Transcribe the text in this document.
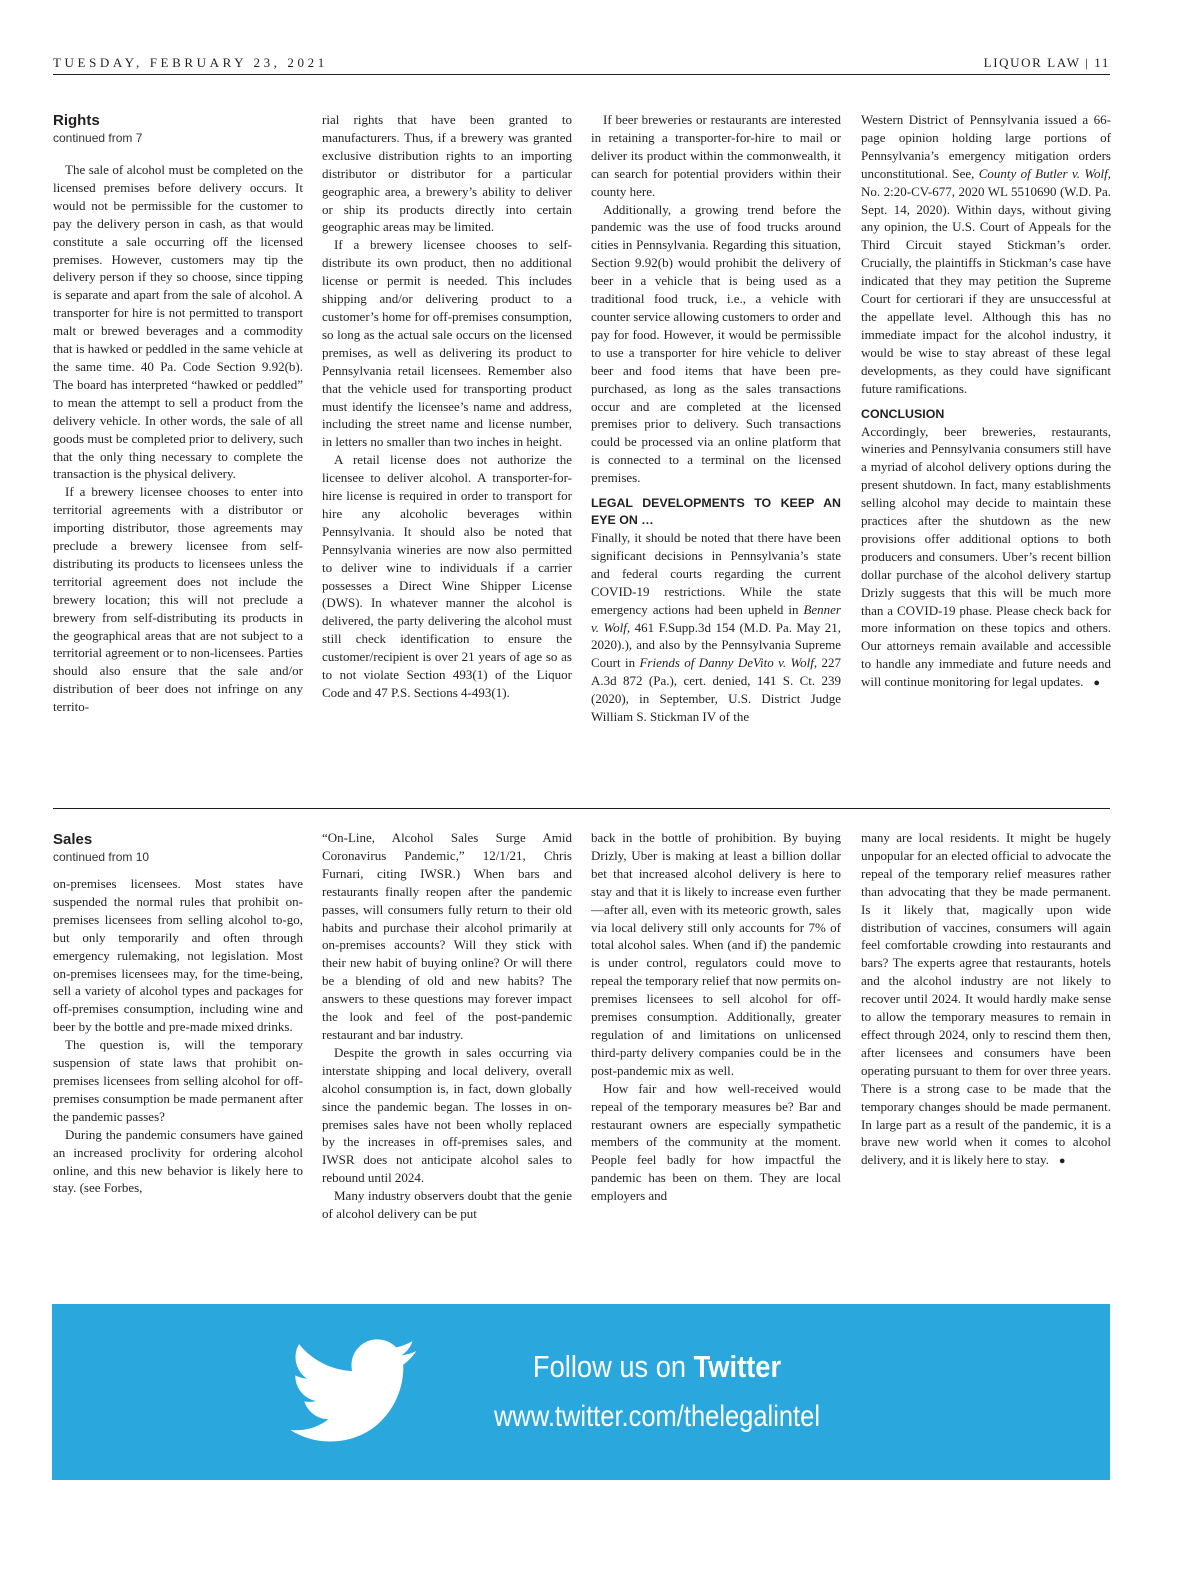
TUESDAY, FEBRUARY 23, 2021	LIQUOR LAW | 11
Rights
continued from 7

The sale of alcohol must be completed on the licensed premises before delivery occurs. It would not be permissible for the customer to pay the delivery person in cash, as that would constitute a sale occurring off the licensed premises. However, customers may tip the delivery person if they so choose, since tipping is separate and apart from the sale of alcohol. A transporter for hire is not permitted to transport malt or brewed beverages and a commodity that is hawked or peddled in the same vehicle at the same time. 40 Pa. Code Section 9.92(b). The board has interpreted “hawked or peddled” to mean the attempt to sell a product from the delivery vehicle. In other words, the sale of all goods must be completed prior to delivery, such that the only thing necessary to complete the transaction is the physical delivery.

If a brewery licensee chooses to enter into territorial agreements with a distributor or importing distributor, those agreements may preclude a brewery licensee from self-distributing its products to licensees unless the territorial agreement does not include the brewery location; this will not preclude a brewery from self-distributing its products in the geographical areas that are not subject to a territorial agreement or to non-licensees. Parties should also ensure that the sale and/or distribution of beer does not infringe on any territo-

rial rights that have been granted to manufacturers. Thus, if a brewery was granted exclusive distribution rights to an importing distributor or distributor for a particular geographic area, a brewery’s ability to deliver or ship its products directly into certain geographic areas may be limited.

If a brewery licensee chooses to self-distribute its own product, then no additional license or permit is needed. This includes shipping and/or delivering product to a customer’s home for off-premises consumption, so long as the actual sale occurs on the licensed premises, as well as delivering its product to Pennsylvania retail licensees. Remember also that the vehicle used for transporting product must identify the licensee’s name and address, including the street name and license number, in letters no smaller than two inches in height.

A retail license does not authorize the licensee to deliver alcohol. A transporter-for-hire license is required in order to transport for hire any alcoholic beverages within Pennsylvania. It should also be noted that Pennsylvania wineries are now also permitted to deliver wine to individuals if a carrier possesses a Direct Wine Shipper License (DWS). In whatever manner the alcohol is delivered, the party delivering the alcohol must still check identification to ensure the customer/recipient is over 21 years of age so as to not violate Section 493(1) of the Liquor Code and 47 P.S. Sections 4-493(1).

If beer breweries or restaurants are interested in retaining a transporter-for-hire to mail or deliver its product within the commonwealth, it can search for potential providers within their county here.

Additionally, a growing trend before the pandemic was the use of food trucks around cities in Pennsylvania. Regarding this situation, Section 9.92(b) would prohibit the delivery of beer in a vehicle that is being used as a traditional food truck, i.e., a vehicle with counter service allowing customers to order and pay for food. However, it would be permissible to use a transporter for hire vehicle to deliver beer and food items that have been pre-purchased, as long as the sales transactions occur and are completed at the licensed premises prior to delivery. Such transactions could be processed via an online platform that is connected to a terminal on the licensed premises.

LEGAL DEVELOPMENTS TO KEEP AN EYE ON …

Finally, it should be noted that there have been significant decisions in Pennsylvania’s state and federal courts regarding the current COVID-19 restrictions. While the state emergency actions had been upheld in Benner v. Wolf, 461 F.Supp.3d 154 (M.D. Pa. May 21, 2020).), and also by the Pennsylvania Supreme Court in Friends of Danny DeVito v. Wolf, 227 A.3d 872 (Pa.), cert. denied, 141 S. Ct. 239 (2020), in September, U.S. District Judge William S. Stickman IV of the

Western District of Pennsylvania issued a 66-page opinion holding large portions of Pennsylvania’s emergency mitigation orders unconstitutional. See, County of Butler v. Wolf, No. 2:20-CV-677, 2020 WL 5510690 (W.D. Pa. Sept. 14, 2020). Within days, without giving any opinion, the U.S. Court of Appeals for the Third Circuit stayed Stickman’s order. Crucially, the plaintiffs in Stickman’s case have indicated that they may petition the Supreme Court for certiorari if they are unsuccessful at the appellate level. Although this has no immediate impact for the alcohol industry, it would be wise to stay abreast of these legal developments, as they could have significant future ramifications.

CONCLUSION

Accordingly, beer breweries, restaurants, wineries and Pennsylvania consumers still have a myriad of alcohol delivery options during the present shutdown. In fact, many establishments selling alcohol may decide to maintain these practices after the shutdown as the new provisions offer additional options to both producers and consumers. Uber’s recent billion dollar purchase of the alcohol delivery startup Drizly suggests that this will be much more than a COVID-19 phase. Please check back for more information on these topics and others. Our attorneys remain available and accessible to handle any immediate and future needs and will continue monitoring for legal updates. ●

Sales
continued from 10

on-premises licensees. Most states have suspended the normal rules that prohibit on-premises licensees from selling alcohol to-go, but only temporarily and often through emergency rulemaking, not legislation. Most on-premises licensees may, for the time-being, sell a variety of alcohol types and packages for off-premises consumption, including wine and beer by the bottle and pre-made mixed drinks.

The question is, will the temporary suspension of state laws that prohibit on-premises licensees from selling alcohol for off-premises consumption be made permanent after the pandemic passes?

During the pandemic consumers have gained an increased proclivity for ordering alcohol online, and this new behavior is likely here to stay. (see Forbes,

“On-Line, Alcohol Sales Surge Amid Coronavirus Pandemic,” 12/1/21, Chris Furnari, citing IWSR.) When bars and restaurants finally reopen after the pandemic passes, will consumers fully return to their old habits and purchase their alcohol primarily at on-premises accounts? Will they stick with their new habit of buying online? Or will there be a blending of old and new habits? The answers to these questions may forever impact the look and feel of the post-pandemic restaurant and bar industry.

Despite the growth in sales occurring via interstate shipping and local delivery, overall alcohol consumption is, in fact, down globally since the pandemic began. The losses in on-premises sales have not been wholly replaced by the increases in off-premises sales, and IWSR does not anticipate alcohol sales to rebound until 2024.

Many industry observers doubt that the genie of alcohol delivery can be put

back in the bottle of prohibition. By buying Drizly, Uber is making at least a billion dollar bet that increased alcohol delivery is here to stay and that it is likely to increase even further—after all, even with its meteoric growth, sales via local delivery still only accounts for 7% of total alcohol sales. When (and if) the pandemic is under control, regulators could move to repeal the temporary relief that now permits on-premises licensees to sell alcohol for off-premises consumption. Additionally, greater regulation of and limitations on unlicensed third-party delivery companies could be in the post-pandemic mix as well.

How fair and how well-received would repeal of the temporary measures be? Bar and restaurant owners are especially sympathetic members of the community at the moment. People feel badly for how impactful the pandemic has been on them. They are local employers and

many are local residents. It might be hugely unpopular for an elected official to advocate the repeal of the temporary relief measures rather than advocating that they be made permanent. Is it likely that, magically upon wide distribution of vaccines, consumers will again feel comfortable crowding into restaurants and bars? The experts agree that restaurants, hotels and the alcohol industry are not likely to recover until 2024. It would hardly make sense to allow the temporary measures to remain in effect through 2024, only to rescind them then, after licensees and consumers have been operating pursuant to them for over three years. There is a strong case to be made that the temporary changes should be made permanent. In large part as a result of the pandemic, it is a brave new world when it comes to alcohol delivery, and it is likely here to stay. ●

Follow us on Twitter
www.twitter.com/thelegalintel
